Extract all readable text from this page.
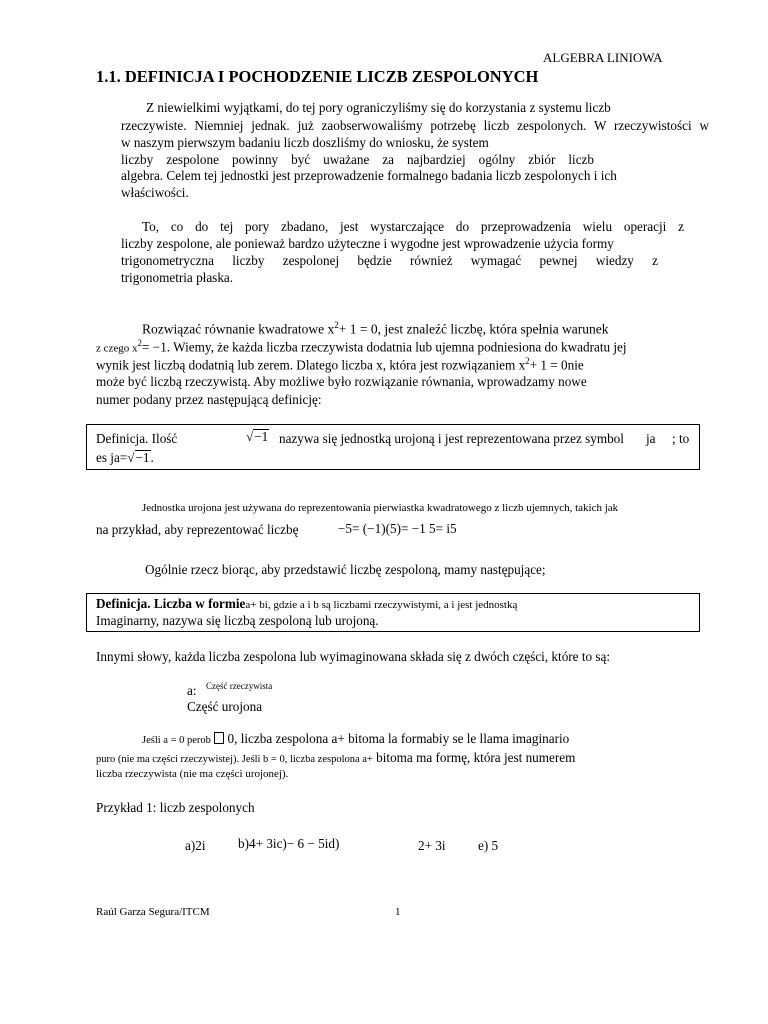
ALGEBRA LINIOWA
1.1. DEFINICJA I POCHODZENIE LICZB ZESPOLONYCH
Z niewielkimi wyjątkami, do tej pory ograniczyliśmy się do korzystania z systemu liczb
rzeczywiste. Niemniej jednak. już zaobserwowaliśmy potrzebę liczb zespolonych. W rzeczywistości w
w naszym pierwszym badaniu liczb doszliśmy do wniosku, że system
liczby zespolone powinny być uważane za najbardziej ogólny zbiór liczb
algebra. Celem tej jednostki jest przeprowadzenie formalnego badania liczb zespolonych i ich
właściwości.
To, co do tej pory zbadano, jest wystarczające do przeprowadzenia wielu operacji z
liczby zespolone, ale ponieważ bardzo użyteczne i wygodne jest wprowadzenie użycia formy
trigonometryczna liczby zespolonej będzie również wymagać pewnej wiedzy z
trigonometria płaska.
Rozwiązać równanie kwadratowe $x^2+ 1 = 0$, jest znaleźć liczbę, która spełnia warunek
z czego $x^2= -1$. Wiemy, że każda liczba rzeczywista dodatnia lub ujemna podniesiona do kwadratu jej
wynik jest liczbą dodatnią lub zerem. Dlatego liczba x, która jest rozwiązaniem $x^2+ 1 = 0nie$
może być liczbą rzeczywistą. Aby możliwe było rozwiązanie równania, wprowadzamy nowe
numer podany przez następującą definicję:
Definicja. Ilość	√−1 nazywa się jednostką urojoną i jest reprezentowana przez symbol ja ; to
es ja=√−1.
Jednostka urojona jest używana do reprezentowania pierwiastka kwadratowego z liczb ujemnych, takich jak
na przykład, aby reprezentować liczbę	−5= (−1)(5)= −1 5= i5
Ogólnie rzecz biorąc, aby przedstawić liczbę zespoloną, mamy następujące;
Definicja. Liczba w formiea+ bi, gdzie a i b są liczbami rzeczywistymi, a i jest jednostką
Imaginarny, nazywa się liczbą zespoloną lub urojoną.
Innymi słowy, każda liczba zespolona lub wyimaginowana składa się z dwóch części, które to są:
a: Część rzeczywista
Część urojona
Jeśli a = 0 perob 0, liczba zespolona a+ bitoma la formabiy se le llama imaginario
puro (nie ma części rzeczywistej). Jeśli b = 0, liczba zespolona a+ bitoma ma formę, która jest numerem
liczba rzeczywista (nie ma części urojonej).
Przykład 1: liczb zespolonych
a)2i b)4+ 3ic)− 6 − 5id)	2+ 3i e) 5
Raúl Garza Segura/ITCM	1
